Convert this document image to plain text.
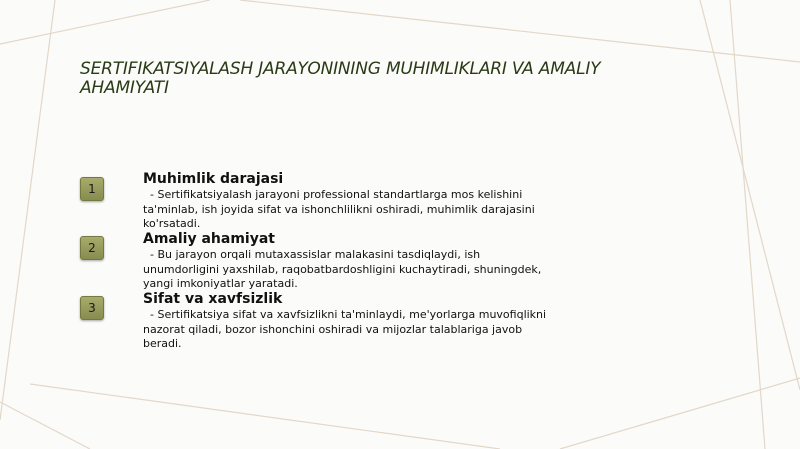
SERTIFIKATSIYALASH JARAYONINING MUHIMLIKLARI VA AMALIY AHAMIYATI
1
Muhimlik darajasi
- Sertifikatsiyalash jarayoni professional standartlarga mos kelishini ta'minlab, ish joyida sifat va ishonchlilikni oshiradi, muhimlik darajasini ko'rsatadi.
2
Amaliy ahamiyat
- Bu jarayon orqali mutaxassislar malakasini tasdiqlaydi, ish unumdorligini yaxshilab, raqobatbardoshligini kuchaytiradi, shuningdek, yangi imkoniyatlar yaratadi.
3
Sifat va xavfsizlik
- Sertifikatsiya sifat va xavfsizlikni ta'minlaydi, me'yorlarga muvofiqlikni nazorat qiladi, bozor ishonchini oshiradi va mijozlar talablariga javob beradi.
